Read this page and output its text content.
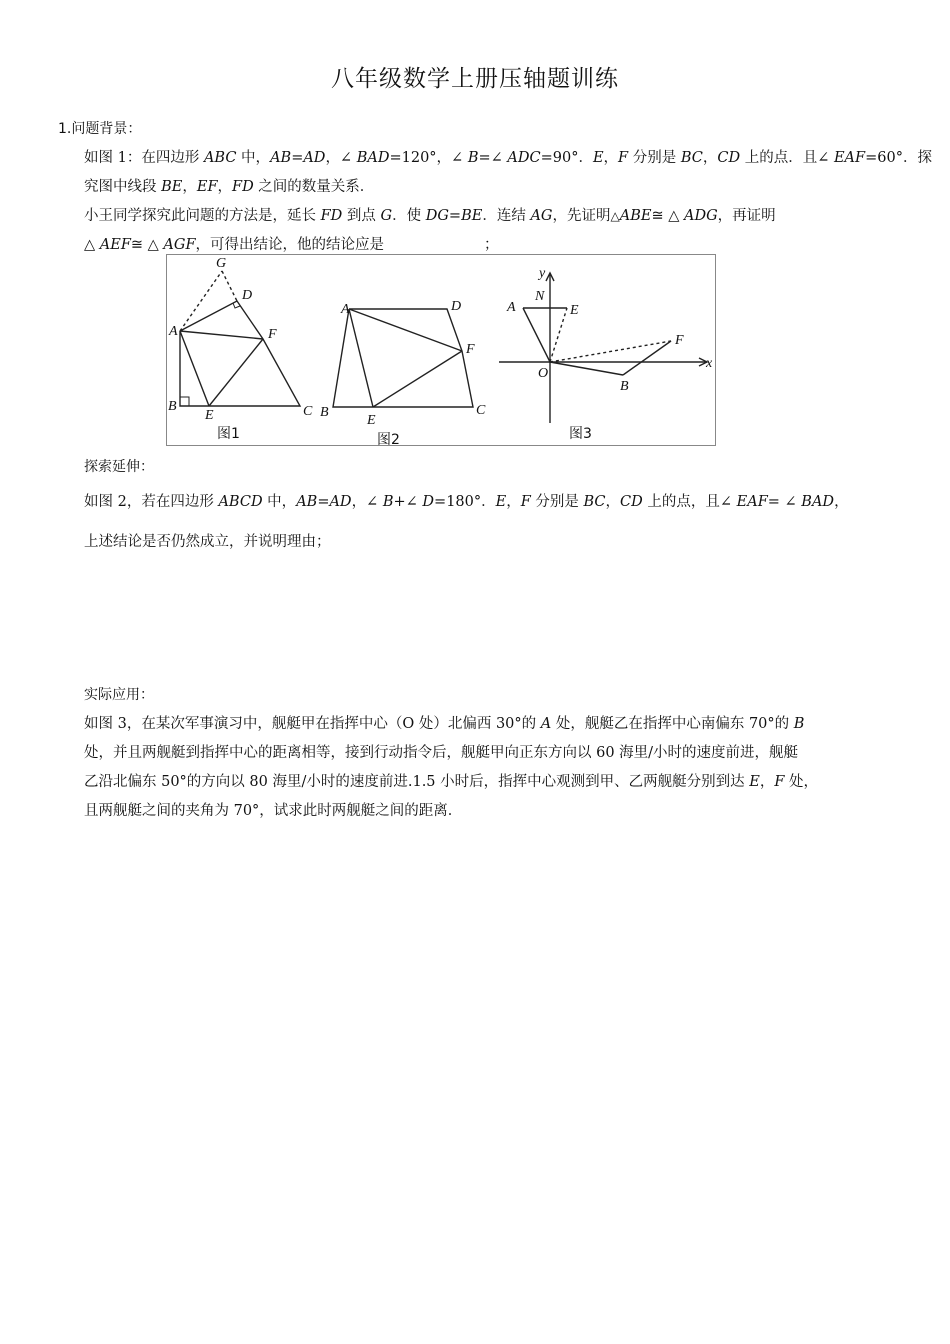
八年级数学上册压轴题训练
1.问题背景：
如图 1：在四边形 ABC 中，AB=AD，∠ BAD=120°，∠ B=∠ ADC=90°．E，F 分别是 BC，CD 上的点．且∠ EAF=60°．探
究图中线段 BE，EF，FD 之间的数量关系．
小王同学探究此问题的方法是，延长 FD 到点 G．使 DG=BE．连结 AG，先证明△ABE≅ △ ADG，再证明
△ AEF≅ △ AGF，可得出结论，他的结论应是	；
G
D
A	F
B
E	C
图1
A	D
F
B
E
C
图2
y
N
E
A
F
O
x
B
图3
探索延伸：
如图 2，若在四边形 ABCD 中，AB=AD，∠ B+∠ D=180°．E，F 分别是 BC，CD 上的点，且∠ EAF= ∠ BAD，
上述结论是否仍然成立，并说明理由；
实际应用：
如图 3，在某次军事演习中，舰艇甲在指挥中心（O 处）北偏西 30°的 A 处，舰艇乙在指挥中心南偏东 70°的 B
处，并且两舰艇到指挥中心的距离相等，接到行动指令后，舰艇甲向正东方向以 60 海里/小时的速度前进，舰艇
乙沿北偏东 50°的方向以 80 海里/小时的速度前进.1.5 小时后，指挥中心观测到甲、乙两舰艇分别到达 E，F 处，
且两舰艇之间的夹角为 70°，试求此时两舰艇之间的距离．
